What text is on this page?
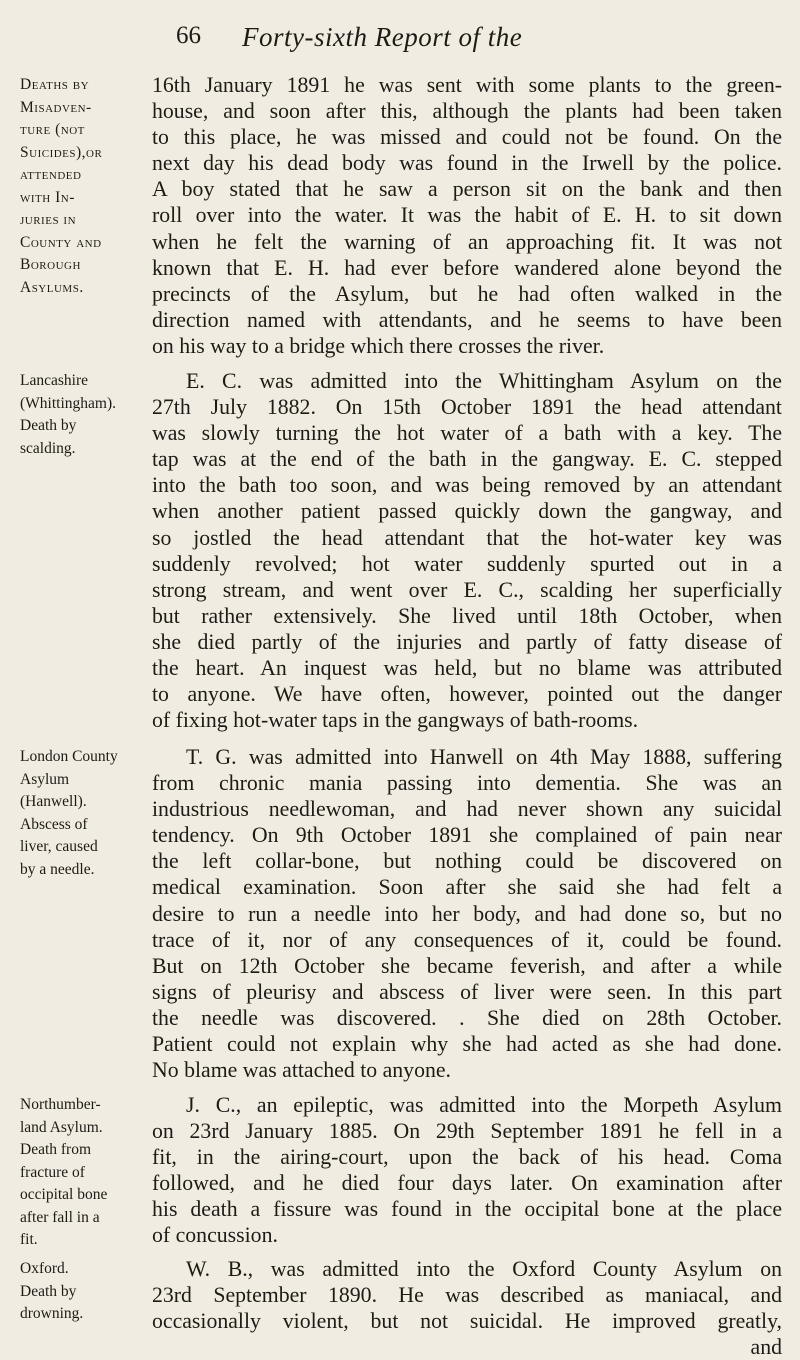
66 Forty-sixth Report of the
Deaths by
Misadven-
ture (not
Suicides),or
attended
with In-
juries in
County and
Borough
Asylums.
16th January 1891 he was sent with some plants to the green-
house, and soon after this, although the plants had been taken
to this place, he was missed and could not be found. On the
next day his dead body was found in the Irwell by the police.
A boy stated that he saw a person sit on the bank and then
roll over into the water. It was the habit of E. H. to sit down
when he felt the warning of an approaching fit. It was not
known that E. H. had ever before wandered alone beyond the
precincts of the Asylum, but he had often walked in the
direction named with attendants, and he seems to have been
on his way to a bridge which there crosses the river.
Lancashire
(Whittingham).
Death by
scalding.
E. C. was admitted into the Whittingham Asylum on the
27th July 1882. On 15th October 1891 the head attendant
was slowly turning the hot water of a bath with a key. The
tap was at the end of the bath in the gangway. E. C. stepped
into the bath too soon, and was being removed by an attendant
when another patient passed quickly down the gangway, and
so jostled the head attendant that the hot-water key was
suddenly revolved; hot water suddenly spurted out in a
strong stream, and went over E. C., scalding her superficially
but rather extensively. She lived until 18th October, when
she died partly of the injuries and partly of fatty disease of
the heart. An inquest was held, but no blame was attributed
to anyone. We have often, however, pointed out the danger
of fixing hot-water taps in the gangways of bath-rooms.
London County
Asylum
(Hanwell).
Abscess of
liver, caused
by a needle.
T. G. was admitted into Hanwell on 4th May 1888, suffering
from chronic mania passing into dementia. She was an
industrious needlewoman, and had never shown any suicidal
tendency. On 9th October 1891 she complained of pain near
the left collar-bone, but nothing could be discovered on
medical examination. Soon after she said she had felt a
desire to run a needle into her body, and had done so, but no
trace of it, nor of any consequences of it, could be found.
But on 12th October she became feverish, and after a while
signs of pleurisy and abscess of liver were seen. In this part
the needle was discovered. . She died on 28th October.
Patient could not explain why she had acted as she had done.
No blame was attached to anyone.
Northumber-
land Asylum.
Death from
fracture of
occipital bone
after fall in a
fit.
J. C., an epileptic, was admitted into the Morpeth Asylum
on 23rd January 1885. On 29th September 1891 he fell in a
fit, in the airing-court, upon the back of his head. Coma
followed, and he died four days later. On examination after
his death a fissure was found in the occipital bone at the place
of concussion.
Oxford.
Death by
drowning.
W. B., was admitted into the Oxford County Asylum on
23rd September 1890. He was described as maniacal, and
occasionally violent, but not suicidal. He improved greatly,
and
